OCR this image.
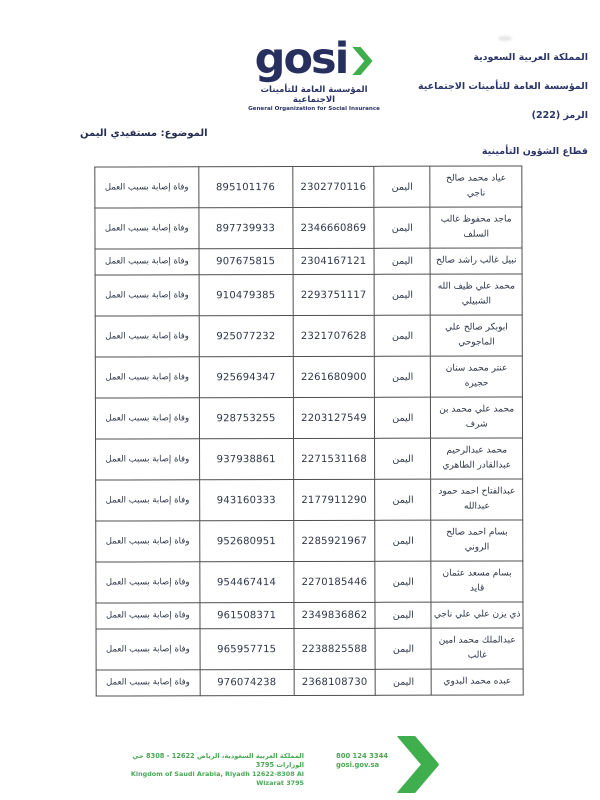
gosi
المؤسسة العامة للتأمينات الاجتماعية
General Organization for Social Insurance
المملكة العربية السعودية
المؤسسة العامة للتأمينات الاجتماعية
الرمز (222)
قطاع الشؤون التأمينية
الموضوع: مستفيدي اليمن
عياد محمد صالح
ناجي	اليمن	2302770116	895101176	وفاة إصابة بسبب العمل
ماجد محفوظ غالب
السلف	اليمن	2346660869	897739933	وفاة إصابة بسبب العمل
نبيل غالب راشد صالح	اليمن	2304167121	907675815	وفاة إصابة بسبب العمل
محمد علي ظيف الله
الشبيلي	اليمن	2293751117	910479385	وفاة إصابة بسبب العمل
ابوبكر صالح علي
الماجوحي	اليمن	2321707628	925077232	وفاة إصابة بسبب العمل
عنتر محمد سنان
حجيره	اليمن	2261680900	925694347	وفاة إصابة بسبب العمل
محمد علي محمد بن
شرف	اليمن	2203127549	928753255	وفاة إصابة بسبب العمل
محمد عبدالرحيم
عبدالقادر الطاهري	اليمن	2271531168	937938861	وفاة إصابة بسبب العمل
عبدالفتاح احمد حمود
عبدالله	اليمن	2177911290	943160333	وفاة إصابة بسبب العمل
بسام احمد صالح
الروني	اليمن	2285921967	952680951	وفاة إصابة بسبب العمل
بسام مسعد عثمان
قايد	اليمن	2270185446	954467414	وفاة إصابة بسبب العمل
ذي يزن علي علي ناجي	اليمن	2349836862	961508371	وفاة إصابة بسبب العمل
عبدالملك محمد امين
غالب	اليمن	2238825588	965957715	وفاة إصابة بسبب العمل
عبده محمد البدوي	اليمن	2368108730	976074238	وفاة إصابة بسبب العمل
المملكة العربية السعودية، الرياض 12622 - 8308 حي الوزارات 3795
Kingdom of Saudi Arabia, Riyadh 12622-8308 Al Wizarat 3795
800 124 3344
gosi.gov.sa
